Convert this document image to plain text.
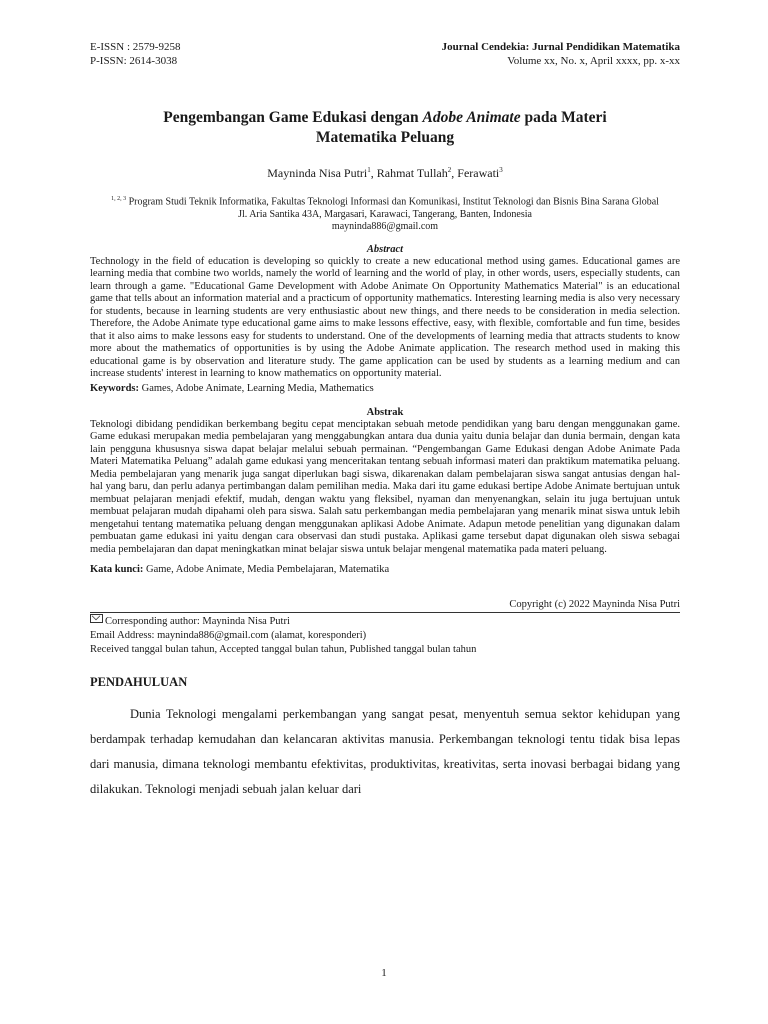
E-ISSN : 2579-9258
P-ISSN: 2614-3038
Journal Cendekia: Jurnal Pendidikan Matematika
Volume xx, No. x, April xxxx, pp. x-xx
Pengembangan Game Edukasi dengan Adobe Animate pada Materi
Matematika Peluang
Mayninda Nisa Putri$^1$, Rahmat Tullah$^2$, Ferawati$^3$
$^{1, 2, 3}$ Program Studi Teknik Informatika, Fakultas Teknologi Informasi dan Komunikasi, Institut Teknologi dan Bisnis Bina Sarana Global
Jl. Aria Santika 43A, Margasari, Karawaci, Tangerang, Banten, Indonesia
mayninda886@gmail.com
Abstract
Technology in the field of education is developing so quickly to create a new educational method using games. Educational games are learning media that combine two worlds, namely the world of learning and the world of play, in other words, users, especially students, can learn through a game. "Educational Game Development with Adobe Animate On Opportunity Mathematics Material" is an educational game that tells about an information material and a practicum of opportunity mathematics. Interesting learning media is also very necessary for students, because in learning students are very enthusiastic about new things, and there needs to be consideration in media selection. Therefore, the Adobe Animate type educational game aims to make lessons effective, easy, with flexible, comfortable and fun time, besides that it also aims to make lessons easy for students to understand. One of the developments of learning media that attracts students to know more about the mathematics of opportunities is by using the Adobe Animate application. The research method used in making this educational game is by observation and literature study. The game application can be used by students as a learning medium and can increase students' interest in learning to know mathematics on opportunity material.
Keywords: Games, Adobe Animate, Learning Media, Mathematics
Abstrak
Teknologi dibidang pendidikan berkembang begitu cepat menciptakan sebuah metode pendidikan yang baru dengan menggunakan game. Game edukasi merupakan media pembelajaran yang menggabungkan antara dua dunia yaitu dunia belajar dan dunia bermain, dengan kata lain pengguna khususnya siswa dapat belajar melalui sebuah permainan. “Pengembangan Game Edukasi dengan Adobe Animate Pada Materi Matematika Peluang” adalah game edukasi yang menceritakan tentang sebuah informasi materi dan praktikum matematika peluang. Media pembelajaran yang menarik juga sangat diperlukan bagi siswa, dikarenakan dalam pembelajaran siswa sangat antusias dengan hal- hal yang baru, dan perlu adanya pertimbangan dalam pemilihan media. Maka dari itu game edukasi bertipe Adobe Animate bertujuan untuk membuat pelajaran menjadi efektif, mudah, dengan waktu yang fleksibel, nyaman dan menyenangkan, selain itu juga bertujuan untuk membuat pelajaran mudah dipahami oleh para siswa. Salah satu perkembangan media pembelajaran yang menarik minat siswa untuk lebih mengetahui tentang matematika peluang dengan menggunakan aplikasi Adobe Animate. Adapun metode penelitian yang digunakan dalam pembuatan game edukasi ini yaitu dengan cara observasi dan studi pustaka. Aplikasi game tersebut dapat digunakan oleh siswa sebagai media pembelajaran dan dapat meningkatkan minat belajar siswa untuk belajar mengenal matematika pada materi peluang.
Kata kunci: Game, Adobe Animate, Media Pembelajaran, Matematika
Copyright (c) 2022 Mayninda Nisa Putri
Corresponding author: Mayninda Nisa Putri
Email Address: mayninda886@gmail.com (alamat, koresponderi)
Received tanggal bulan tahun, Accepted tanggal bulan tahun, Published tanggal bulan tahun
PENDAHULUAN
Dunia Teknologi mengalami perkembangan yang sangat pesat, menyentuh semua sektor kehidupan yang berdampak terhadap kemudahan dan kelancaran aktivitas manusia. Perkembangan teknologi tentu tidak bisa lepas dari manusia, dimana teknologi membantu efektivitas, produktivitas, kreativitas, serta inovasi berbagai bidang yang dilakukan. Teknologi menjadi sebuah jalan keluar dari
1
